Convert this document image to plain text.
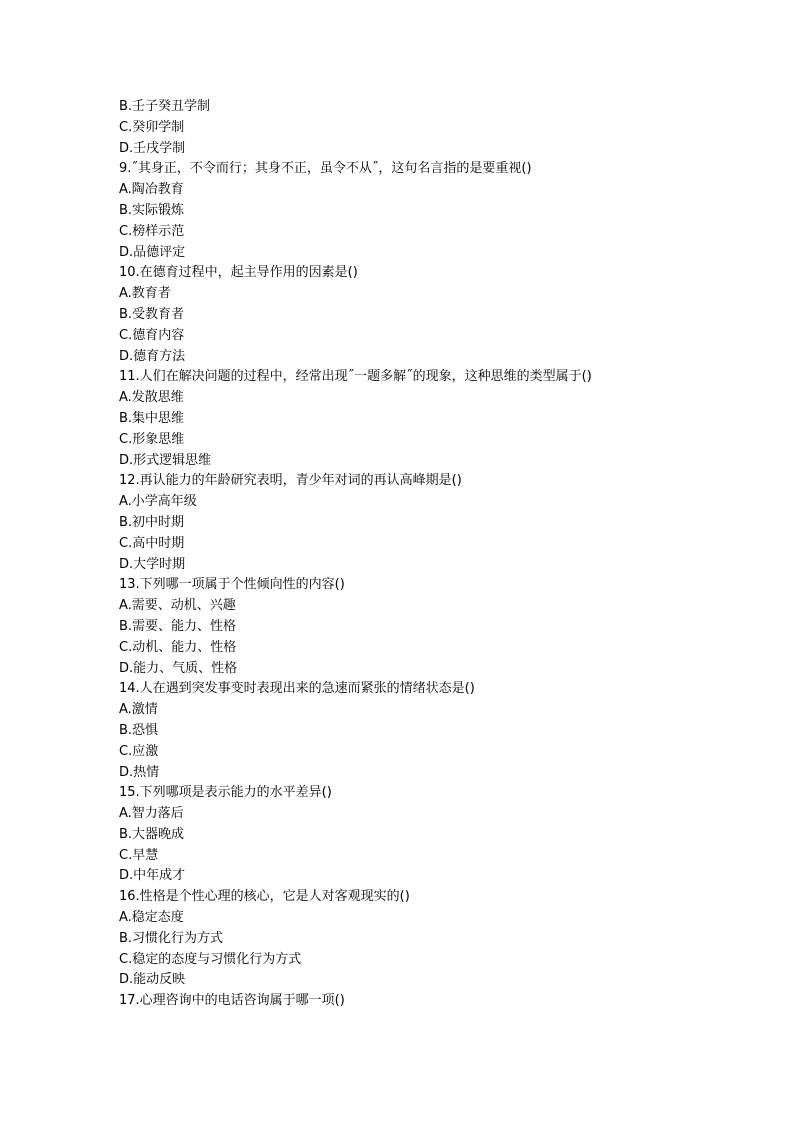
B.壬子癸丑学制
C.癸卯学制
D.壬戌学制
9.˝其身正，不令而行；其身不正，虽令不从˝，这句名言指的是要重视()
A.陶冶教育
B.实际锻炼
C.榜样示范
D.品德评定
10.在德育过程中，起主导作用的因素是()
A.教育者
B.受教育者
C.德育内容
D.德育方法
11.人们在解决问题的过程中，经常出现˝一题多解˝的现象，这种思维的类型属于()
A.发散思维
B.集中思维
C.形象思维
D.形式逻辑思维
12.再认能力的年龄研究表明，青少年对词的再认高峰期是()
A.小学高年级
B.初中时期
C.高中时期
D.大学时期
13.下列哪一项属于个性倾向性的内容()
A.需要、动机、兴趣
B.需要、能力、性格
C.动机、能力、性格
D.能力、气质、性格
14.人在遇到突发事变时表现出来的急速而紧张的情绪状态是()
A.激情
B.恐惧
C.应激
D.热情
15.下列哪项是表示能力的水平差异()
A.智力落后
B.大器晚成
C.早慧
D.中年成才
16.性格是个性心理的核心，它是人对客观现实的()
A.稳定态度
B.习惯化行为方式
C.稳定的态度与习惯化行为方式
D.能动反映
17.心理咨询中的电话咨询属于哪一项()
